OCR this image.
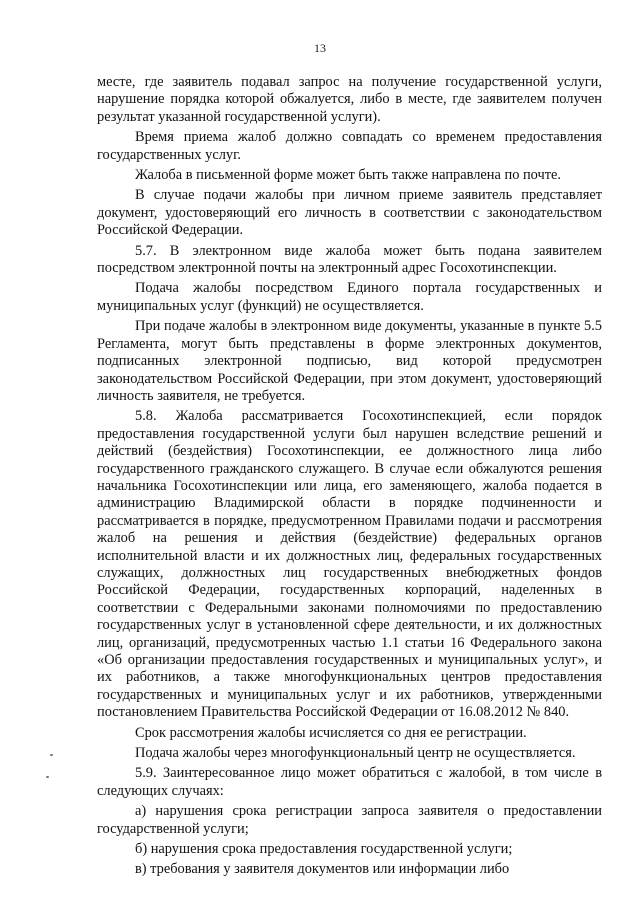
13

месте, где заявитель подавал запрос на получение государственной услуги, нарушение порядка которой обжалуется, либо в месте, где заявителем получен результат указанной государственной услуги).

Время приема жалоб должно совпадать со временем предоставления государственных услуг.

Жалоба в письменной форме может быть также направлена по почте.

В случае подачи жалобы при личном приеме заявитель представляет документ, удостоверяющий его личность в соответствии с законодательством Российской Федерации.

5.7. В электронном виде жалоба может быть подана заявителем посредством электронной почты на электронный адрес Госохотинспекции.

Подача жалобы посредством Единого портала государственных и муниципальных услуг (функций) не осуществляется.

При подаче жалобы в электронном виде документы, указанные в пункте 5.5 Регламента, могут быть представлены в форме электронных документов, подписанных электронной подписью, вид которой предусмотрен законодательством Российской Федерации, при этом документ, удостоверяющий личность заявителя, не требуется.

5.8. Жалоба рассматривается Госохотинспекцией, если порядок предоставления государственной услуги был нарушен вследствие решений и действий (бездействия) Госохотинспекции, ее должностного лица либо государственного гражданского служащего. В случае если обжалуются решения начальника Госохотинспекции или лица, его заменяющего, жалоба подается в администрацию Владимирской области в порядке подчиненности и рассматривается в порядке, предусмотренном Правилами подачи и рассмотрения жалоб на решения и действия (бездействие) федеральных органов исполнительной власти и их должностных лиц, федеральных государственных служащих, должностных лиц государственных внебюджетных фондов Российской Федерации, государственных корпораций, наделенных в соответствии с Федеральными законами полномочиями по предоставлению государственных услуг в установленной сфере деятельности, и их должностных лиц, организаций, предусмотренных частью 1.1 статьи 16 Федерального закона «Об организации предоставления государственных и муниципальных услуг», и их работников, а также многофункциональных центров предоставления государственных и муниципальных услуг и их работников, утвержденными постановлением Правительства Российской Федерации от 16.08.2012 № 840.

Срок рассмотрения жалобы исчисляется со дня ее регистрации.

Подача жалобы через многофункциональный центр не осуществляется.

5.9. Заинтересованное лицо может обратиться с жалобой, в том числе в следующих случаях:

а) нарушения срока регистрации запроса заявителя о предоставлении государственной услуги;

б) нарушения срока предоставления государственной услуги;

в) требования у заявителя документов или информации либо
